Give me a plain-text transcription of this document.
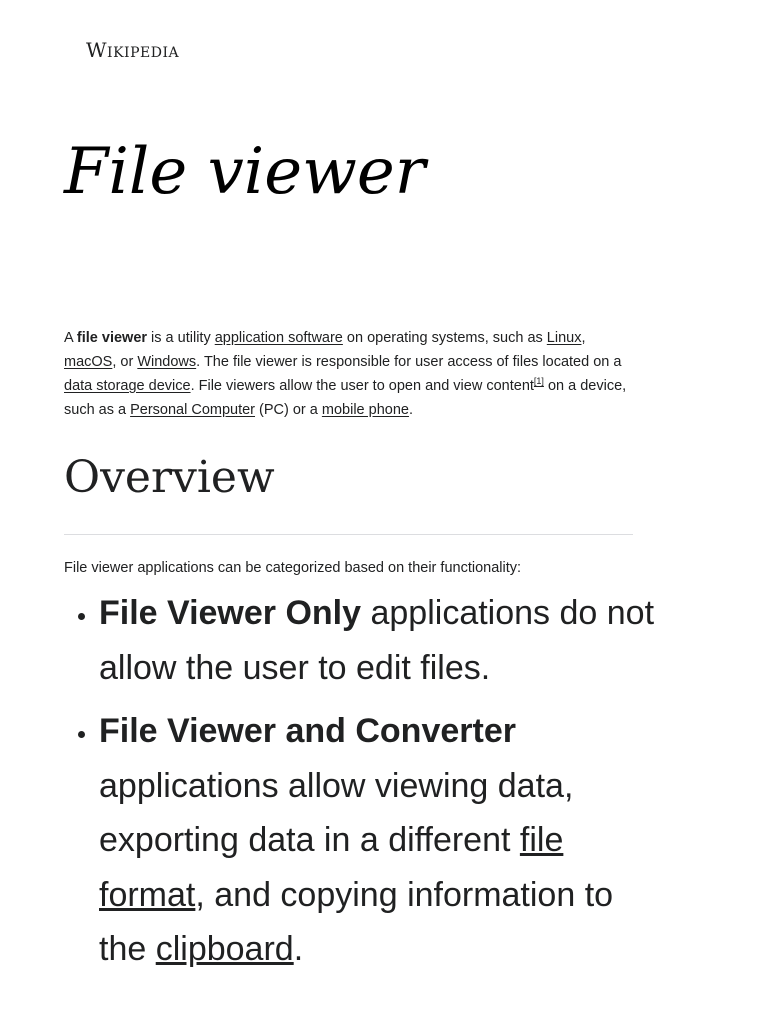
Wikipedia
File viewer

A file viewer is a utility application software on operating systems, such as Linux, macOS, or Windows. The file viewer is responsible for user access of files located on a data storage device. File viewers allow the user to open and view content[1] on a device, such as a Personal Computer (PC) or a mobile phone.

Overview

File viewer applications can be categorized based on their functionality:

• File Viewer Only applications do not allow the user to edit files.
• File Viewer and Converter applications allow viewing data, exporting data in a different file format, and copying information to the clipboard.
